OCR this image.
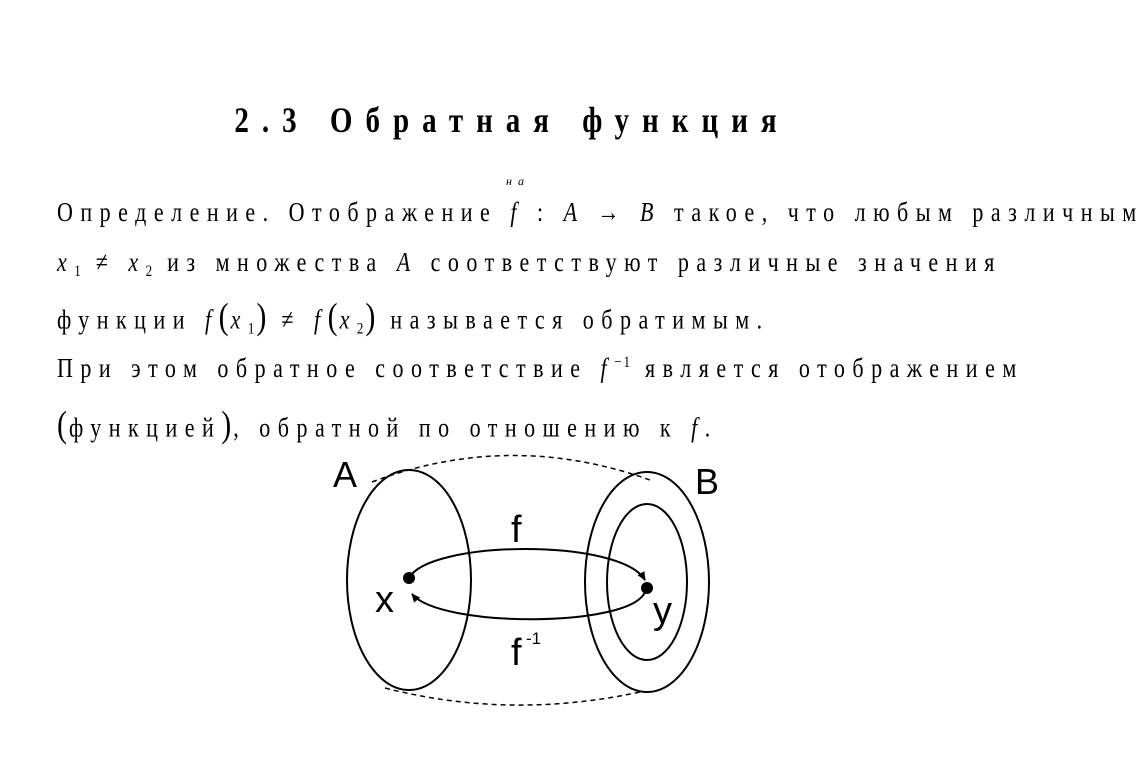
2.3 Обратная функция
на
Определение. Отображение f : A → B такое, что любым различным
$x_1 \ne x_2$ из множества A соответствуют различные значения
функции $f(x_1) \ne f(x_2)$ называется обратимым.
При этом обратное соответствие $f^{-1}$ является отображением
(функцией), обратной по отношению к f.
A	B
f
x	y
f -1
